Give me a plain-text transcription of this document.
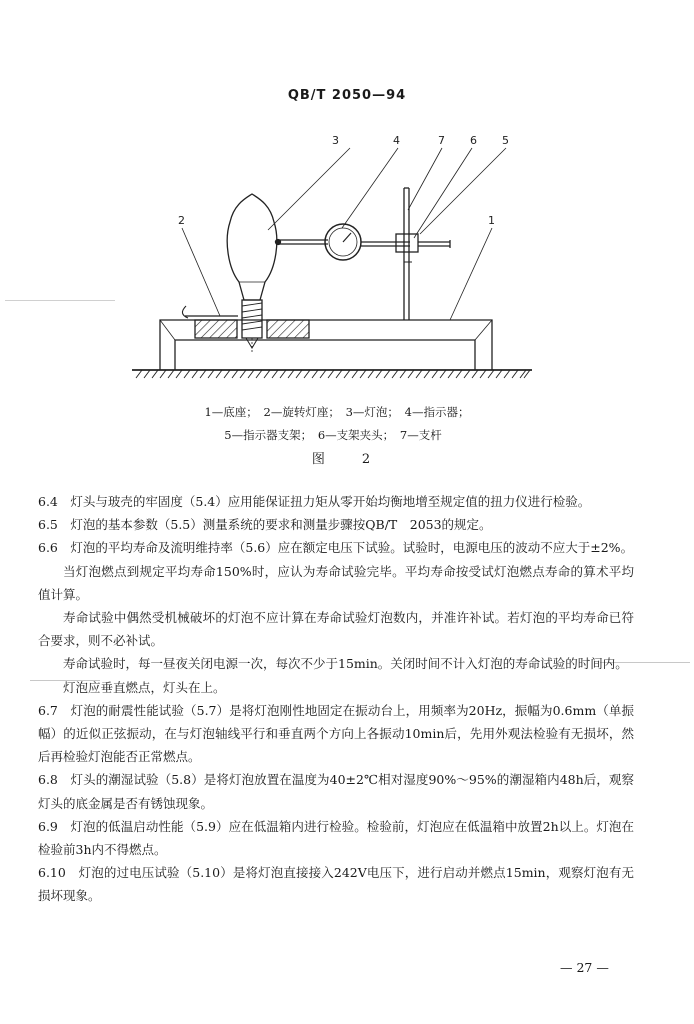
QB/T 2050—94
3	4	7 6 5
2	1
1—底座；　2—旋转灯座；　3—灯泡；　4—指示器；
5—指示器支架；　6—支架夹头；　7—支杆
图　2

6.4　灯头与玻壳的牢固度（5.4）应用能保证扭力矩从零开始均衡地增至规定值的扭力仪进行检验。

6.5　灯泡的基本参数（5.5）测量系统的要求和测量步骤按QB/T　2053的规定。

6.6　灯泡的平均寿命及流明维持率（5.6）应在额定电压下试验。试验时，电源电压的波动不应大于±2%。

当灯泡燃点到规定平均寿命150%时，应认为寿命试验完毕。平均寿命按受试灯泡燃点寿命的算术平均值计算。

寿命试验中偶然受机械破坏的灯泡不应计算在寿命试验灯泡数内，并准许补试。若灯泡的平均寿命已符合要求，则不必补试。

寿命试验时，每一昼夜关闭电源一次，每次不少于15min。关闭时间不计入灯泡的寿命试验的时间内。

灯泡应垂直燃点，灯头在上。

6.7　灯泡的耐震性能试验（5.7）是将灯泡刚性地固定在振动台上，用频率为20Hz，振幅为0.6mm（单振幅）的近似正弦振动，在与灯泡轴线平行和垂直两个方向上各振动10min后，先用外观法检验有无损坏，然后再检验灯泡能否正常燃点。

6.8　灯头的潮湿试验（5.8）是将灯泡放置在温度为40±2℃相对湿度90%～95%的潮湿箱内48h后，观察灯头的底金属是否有锈蚀现象。

6.9　灯泡的低温启动性能（5.9）应在低温箱内进行检验。检验前，灯泡应在低温箱中放置2h以上。灯泡在检验前3h内不得燃点。

6.10　灯泡的过电压试验（5.10）是将灯泡直接接入242V电压下，进行启动并燃点15min，观察灯泡有无损坏现象。

— 27 —
